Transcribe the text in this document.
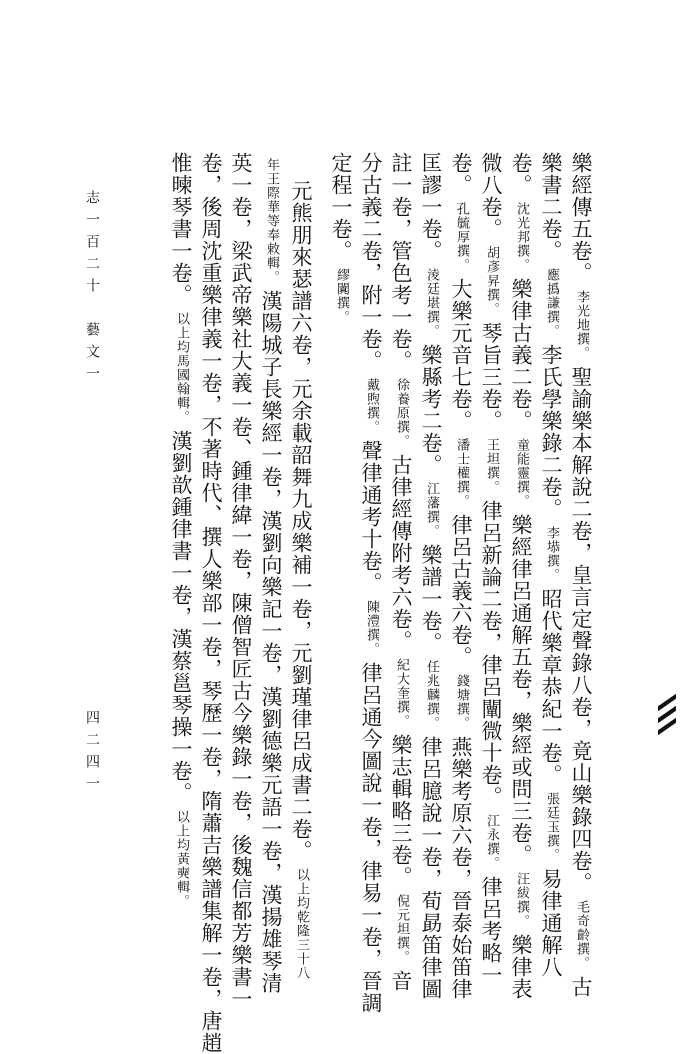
樂經傳五卷。李光地撰。聖諭樂本解說二卷，皇言定聲錄八卷，竟山樂錄四卷。毛奇齡撰。古
樂書二卷。應撝謙撰。李氏學樂錄二卷。李塨撰。昭代樂章恭紀一卷。張廷玉撰。易律通解八
卷。沈光邦撰。樂律古義二卷。童能靈撰。樂經律呂通解五卷，樂經或問三卷。汪紱撰。樂律表
微八卷。胡彥昇撰。琴旨三卷。王坦撰。律呂新論二卷，律呂闡微十卷。江永撰。律呂考略一
卷。孔毓厚撰。大樂元音七卷。潘士權撰。律呂古義六卷。錢塘撰。燕樂考原六卷，晉泰始笛律
匡謬一卷。淩廷堪撰。樂縣考二卷。江藩撰。樂譜一卷。任兆麟撰。律呂臆說一卷，荀勗笛律圖
註一卷，管色考一卷。徐養原撰。古律經傳附考六卷。紀大奎撰。樂志輯略三卷。倪元坦撰。音
分古義二卷，附一卷。戴煦撰。聲律通考十卷。陳澧撰。律呂通今圖說一卷，律易一卷，晉調
定程一卷。繆闐撰。
元熊朋來瑟譜六卷，元余載韶舞九成樂補一卷，元劉瑾律呂成書二卷。以上均乾隆三十八
年王際華等奉敕輯。漢陽城子長樂經一卷，漢劉向樂記一卷，漢劉德樂元語一卷，漢揚雄琴清
英一卷，梁武帝樂社大義一卷、鍾律緯一卷，陳僧智匠古今樂錄一卷，後魏信都芳樂書一
卷，後周沈重樂律義一卷，不著時代、撰人樂部一卷，琴歷一卷，隋蕭吉樂譜集解一卷，唐趙
惟暕琴書一卷。以上均馬國翰輯。漢劉歆鍾律書一卷，漢蔡邕琴操一卷。以上均黃奭輯。
志一百二十藝文一
四二四一
